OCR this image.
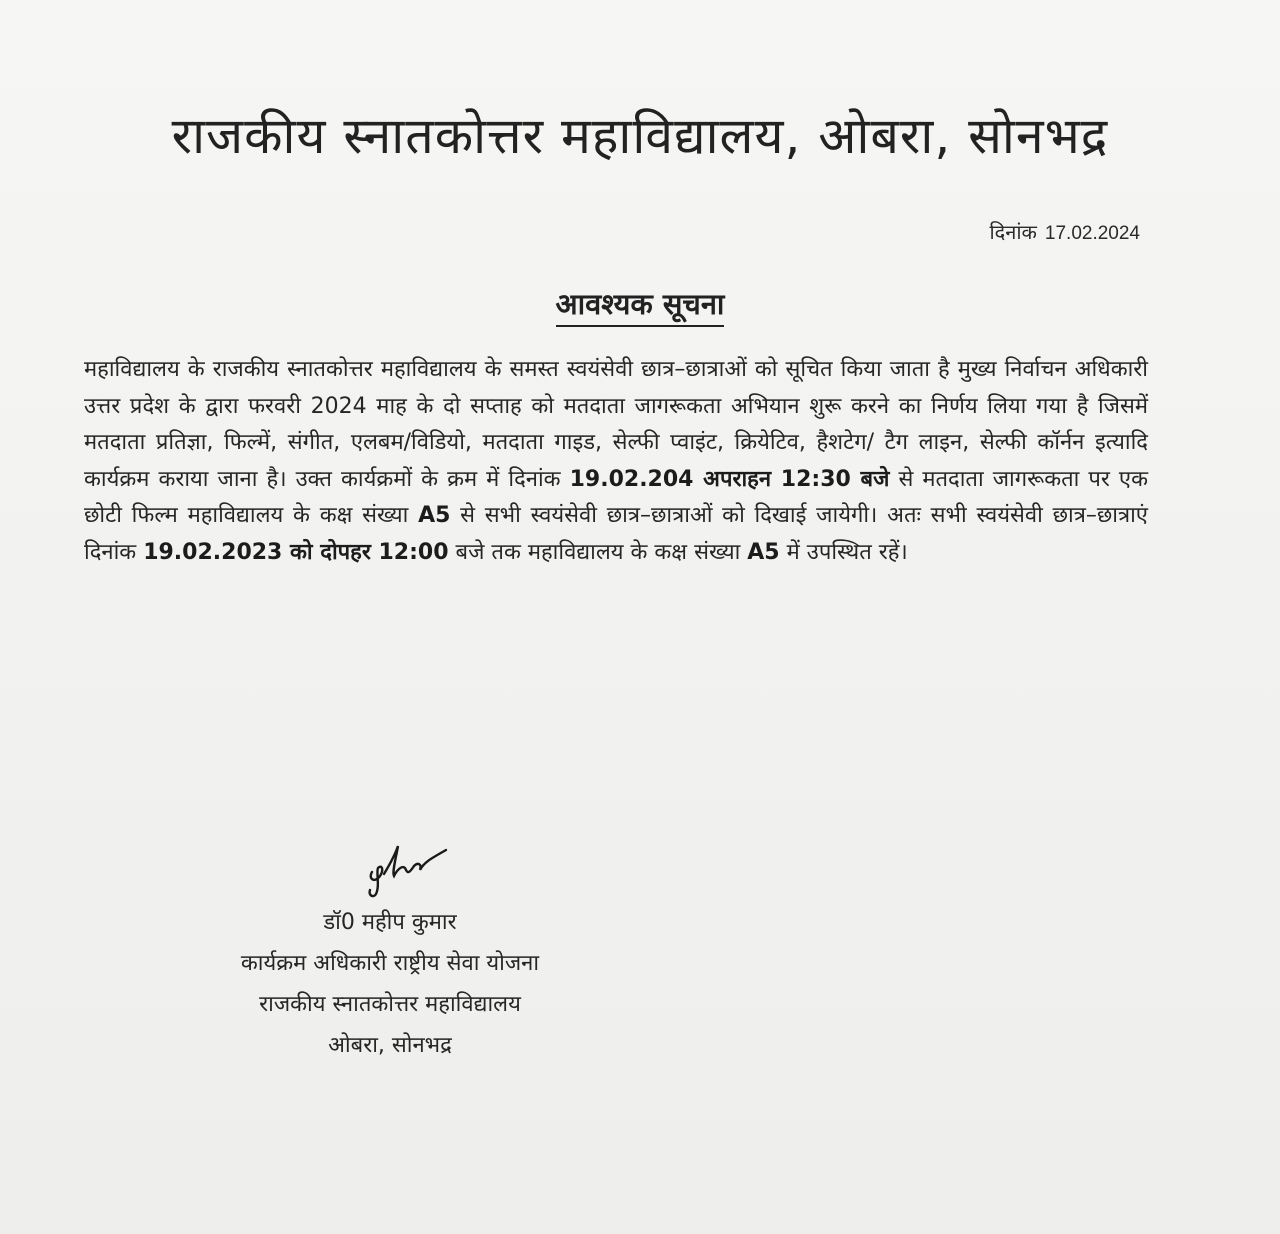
राजकीय स्नातकोत्तर महाविद्यालय, ओबरा, सोनभद्र
दिनांक 17.02.2024
आवश्यक सूचना
महाविद्यालय के राजकीय स्नातकोत्तर महाविद्यालय के समस्त स्वयंसेवी छात्र–छात्राओं को सूचित किया जाता है मुख्य निर्वाचन अधिकारी उत्तर प्रदेश के द्वारा फरवरी 2024 माह के दो सप्ताह को मतदाता जागरूकता अभियान शुरू करने का निर्णय लिया गया है जिसमें मतदाता प्रतिज्ञा, फिल्में, संगीत, एलबम/विडियो, मतदाता गाइड, सेल्फी प्वाइंट, क्रियेटिव, हैशटेग/ टैग लाइन, सेल्फी कॉर्नन इत्यादि कार्यक्रम कराया जाना है। उक्त कार्यक्रमों के क्रम में दिनांक 19.02.204 अपराहन 12:30 बजे से मतदाता जागरूकता पर एक छोटी फिल्म महाविद्यालय के कक्ष संख्या A5 से सभी स्वयंसेवी छात्र–छात्राओं को दिखाई जायेगी। अतः सभी स्वयंसेवी छात्र–छात्राएं दिनांक 19.02.2023 को दोपहर 12:00 बजे तक महाविद्यालय के कक्ष संख्या A5 में उपस्थित रहें।
डॉ0 महीप कुमार
कार्यक्रम अधिकारी राष्ट्रीय सेवा योजना
राजकीय स्नातकोत्तर महाविद्यालय
ओबरा, सोनभद्र
